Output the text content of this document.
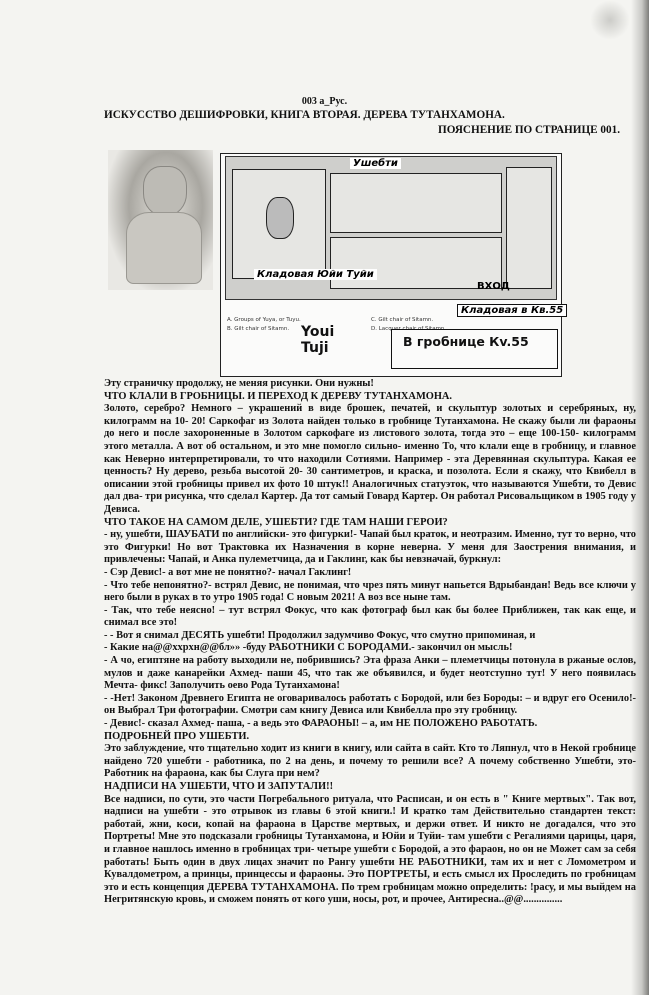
003 a_Рус.
ИСКУССТВО ДЕШИФРОВКИ, КНИГА ВТОРАЯ. ДЕРЕВА ТУТАНХАМОНА.
ПОЯСНЕНИЕ ПО СТРАНИЦЕ 001.
Ушебти
Кладовая Юйи Туйи
ВХОД
Кладовая в Кв.55
A. Groups of Yuya, or Tuyu.
B. Gilt chair of Sitamn.
C. Gilt chair of Sitamn.
D. Lacquer chair of Sitamn.
Youi
Tuji	В гробнице Кv.55

Эту страничку продолжу, не меняя рисунки. Они нужны!

ЧТО КЛАЛИ В ГРОБНИЦЫ. И ПЕРЕХОД К ДЕРЕВУ ТУТАНХАМОНА.

Золото, серебро? Немного – украшений в виде брошек, печатей, и скульптур золотых и серебряных, ну, килограмм на 10- 20! Саркофаг из Золота найден только в гробнице Тутанхамона. Не скажу были ли фараоны до него и после захороненные в Золотом саркофаге из листового золота, тогда это – еще 100-150- килограмм этого металла. А вот об остальном, и это мне помогло сильно- именно То, что клали еще в гробницу, и главное как Неверно интерпретировали, то что находили Сотиями. Например - эта Деревянная скульптура. Какая ее ценность? Ну дерево, резьба высотой 20- 30 сантиметров, и краска, и позолота. Если я скажу, что Квибелл в описании этой гробницы привел их фото 10 штук!! Аналогичных статуэток, что называются Ушебти, то Девис дал два- три рисунка, что сделал Картер. Да тот самый Говард Картер. Он работал Рисовальщиком в 1905 году у Девиса.

ЧТО ТАКОЕ НА САМОМ ДЕЛЕ, УШЕБТИ? ГДЕ ТАМ НАШИ ГЕРОИ?

- ну, ушебти, ШАУБАТИ по английски- это фигурки!- Чапай был краток, и неотразим. Именно, тут то верно, что это Фигурки! Но вот Трактовка их Назначения в корне неверна. У меня для Заострения внимания, и привлечены: Чапай, и Анка пулеметчица, да и Гаклинг, как бы невзначай, буркнул:

- Сэр Девис!- а вот мне не понятно?- начал Гаклинг!

- Что тебе непонятно?- встрял Девис, не понимая, что чрез пять минут напьется Вдрыбандан! Ведь все ключи у него были в руках в то утро 1905 года! С новым 2021! А воз все ныне там.

- Так, что тебе неясно! – тут встрял Фокус, что как фотограф был как бы более Приближен, так как еще, и снимал все это!

- - Вот я снимал ДЕСЯТЬ ушебти! Продолжил задумчиво Фокус, что смутно припоминая, и

- Какие на@@ххрхн@@бл»» -буду РАБОТНИКИ С БОРОДАМИ.- закончил он мысль!

- А чо, египтяне на работу выходили не, побрившись? Эта фраза Анки – племетчицы потонула в ржаные ослов, мулов и даже канарейки Ахмед- паши 45, что так же объявился, и будет неотступно тут! У него появилась Мечта- фикс! Заполучить оево Рода Тутанхамона!

- -Нет! Законом Древнего Египта не оговаривалось работать с Бородой, или без Бороды: – и вдруг его Осенило!- он Выбрал Три фотографии. Смотри сам книгу Девиса или Квибелла про эту гробницу.

- Девис!- сказал Ахмед- паша, - а ведь это ФАРАОНЫ! – а, им НЕ ПОЛОЖЕНО РАБОТАТЬ.

ПОДРОБНЕЙ ПРО УШЕБТИ.

Это заблуждение, что тщательно ходит из книги в книгу, или сайта в сайт. Кто то Ляпнул, что в Некой гробнице найдено 720 ушебти - работника, по 2 на день, и почему то решили все? А почему собственно Ушебти, это- Работник на фараона, как бы Слуга при нем?

НАДПИСИ НА УШЕБТИ, ЧТО И ЗАПУТАЛИ!!

Все надписи, по сути, это части Погребального ритуала, что Расписан, и он есть в " Книге мертвых". Так вот, надписи на ушебти - это отрывок из главы 6 этой книги.! И кратко там Действительно стандартен текст: работай, жни, коси, копай на фараона в Царстве мертвых, и держи ответ. И никто не догадался, что это Портреты! Мне это подсказали гробницы Тутанхамона, и Юйи и Туйи- там ушебти с Регалиями царицы, царя, и главное нашлось именно в гробницах три- четыре ушебти с Бородой, а это фараон, но он не Может сам за себя работать! Быть один в двух лицах значит по Рангу ушебти НЕ РАБОТНИКИ, там их и нет с Ломометром и Кувалдометром, а принцы, принцессы и фараоны. Это ПОРТРЕТЫ, и есть смысл их Проследить по гробницам это и есть концепция ДЕРЕВА ТУТАНХАМОНА. По трем гробницам можно определить: !расу, и мы выйдем на Негритянскую кровь, и сможем понять от кого уши, носы, рот, и прочее, Антиресна..@@...............
